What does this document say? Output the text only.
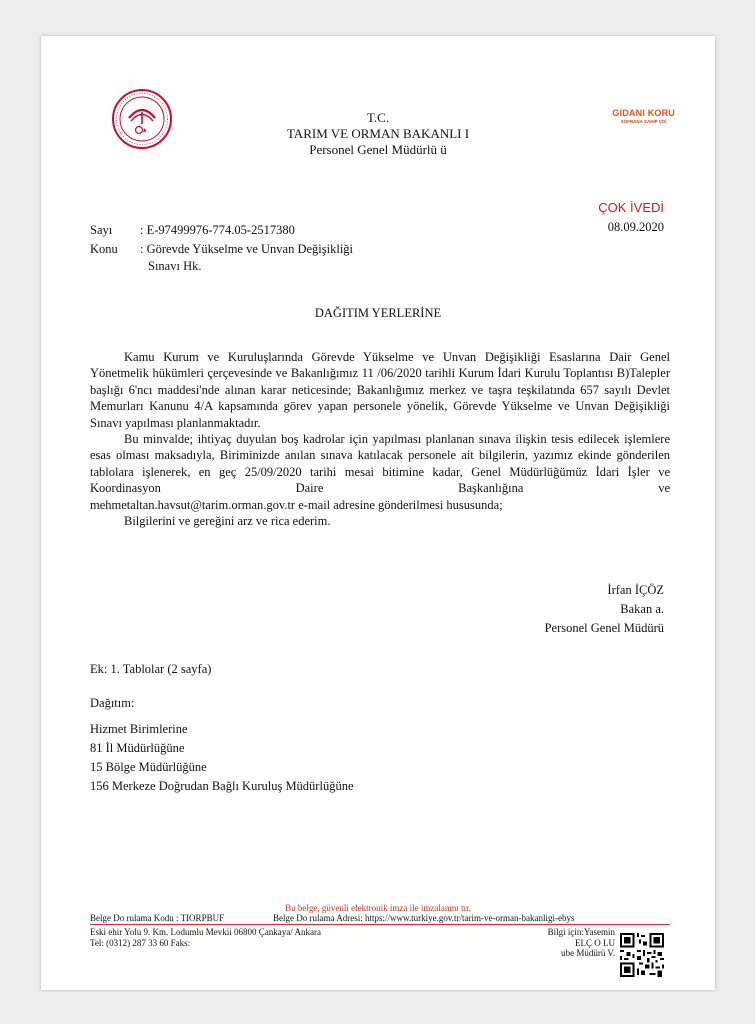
GIDANI KORU
SOFRANA SAHİP ÇIK
T.C.
TARIM VE ORMAN BAKANLI I
Personel Genel Müdürlü ü
ÇOK İVEDİ
08.09.2020
Sayı : E-97499976-774.05-2517380
Konu : Görevde Yükselme ve Unvan Değişikliği
Sınavı Hk.
DAĞITIM YERLERİNE

Kamu Kurum ve Kuruluşlarında Görevde Yükselme ve Unvan Değişikliği Esaslarına Dair Genel Yönetmelik hükümleri çerçevesinde ve Bakanlığımız 11 /06/2020 tarihli Kurum İdari Kurulu Toplantısı B)Talepler başlığı 6'ncı maddesi'nde alınan karar neticesinde; Bakanlığımız merkez ve taşra teşkilatında 657 sayılı Devlet Memurları Kanunu 4/A kapsamında görev yapan personele yönelik, Görevde Yükselme ve Unvan Değişikliği Sınavı yapılması planlanmaktadır.

Bu minvalde; ihtiyaç duyulan boş kadrolar için yapılması planlanan sınava ilişkin tesis edilecek işlemlere esas olması maksadıyla, Biriminizde anılan sınava katılacak personele ait bilgilerin, yazımız ekinde gönderilen tablolara işlenerek, en geç 25/09/2020 tarihi mesai bitimine kadar, Genel Müdürlüğümüz İdari İşler ve Koordinasyon Daire Başkanlığına ve

mehmetaltan.havsut@tarim.orman.gov.tr e-mail adresine gönderilmesi hususunda;

Bilgilerini ve gereğini arz ve rica ederim.

İrfan İÇÖZ
Bakan a.
Personel Genel Müdürü
Ek: 1. Tablolar (2 sayfa)
Dağıtım:
Hizmet Birimlerine
81 İl Müdürlüğüne
15 Bölge Müdürlüğüne
156 Merkeze Doğrudan Bağlı Kuruluş Müdürlüğüne
Bu belge, güvenli elektronik imza ile imzalanmı tır.
Belge Do rulama Kodu : TIORPBUF	Belge Do rulama Adresi: https://www.turkiye.gov.tr/tarim-ve-orman-bakanligi-ebys
Eski ehir Yolu 9. Km. Lodumlu Mevkii 06800 Çankaya/ Ankara
Tel: (0312) 287 33 60 Faks:
Bilgi için:Yasemin
ELÇ O LU
ube Müdürü V.
